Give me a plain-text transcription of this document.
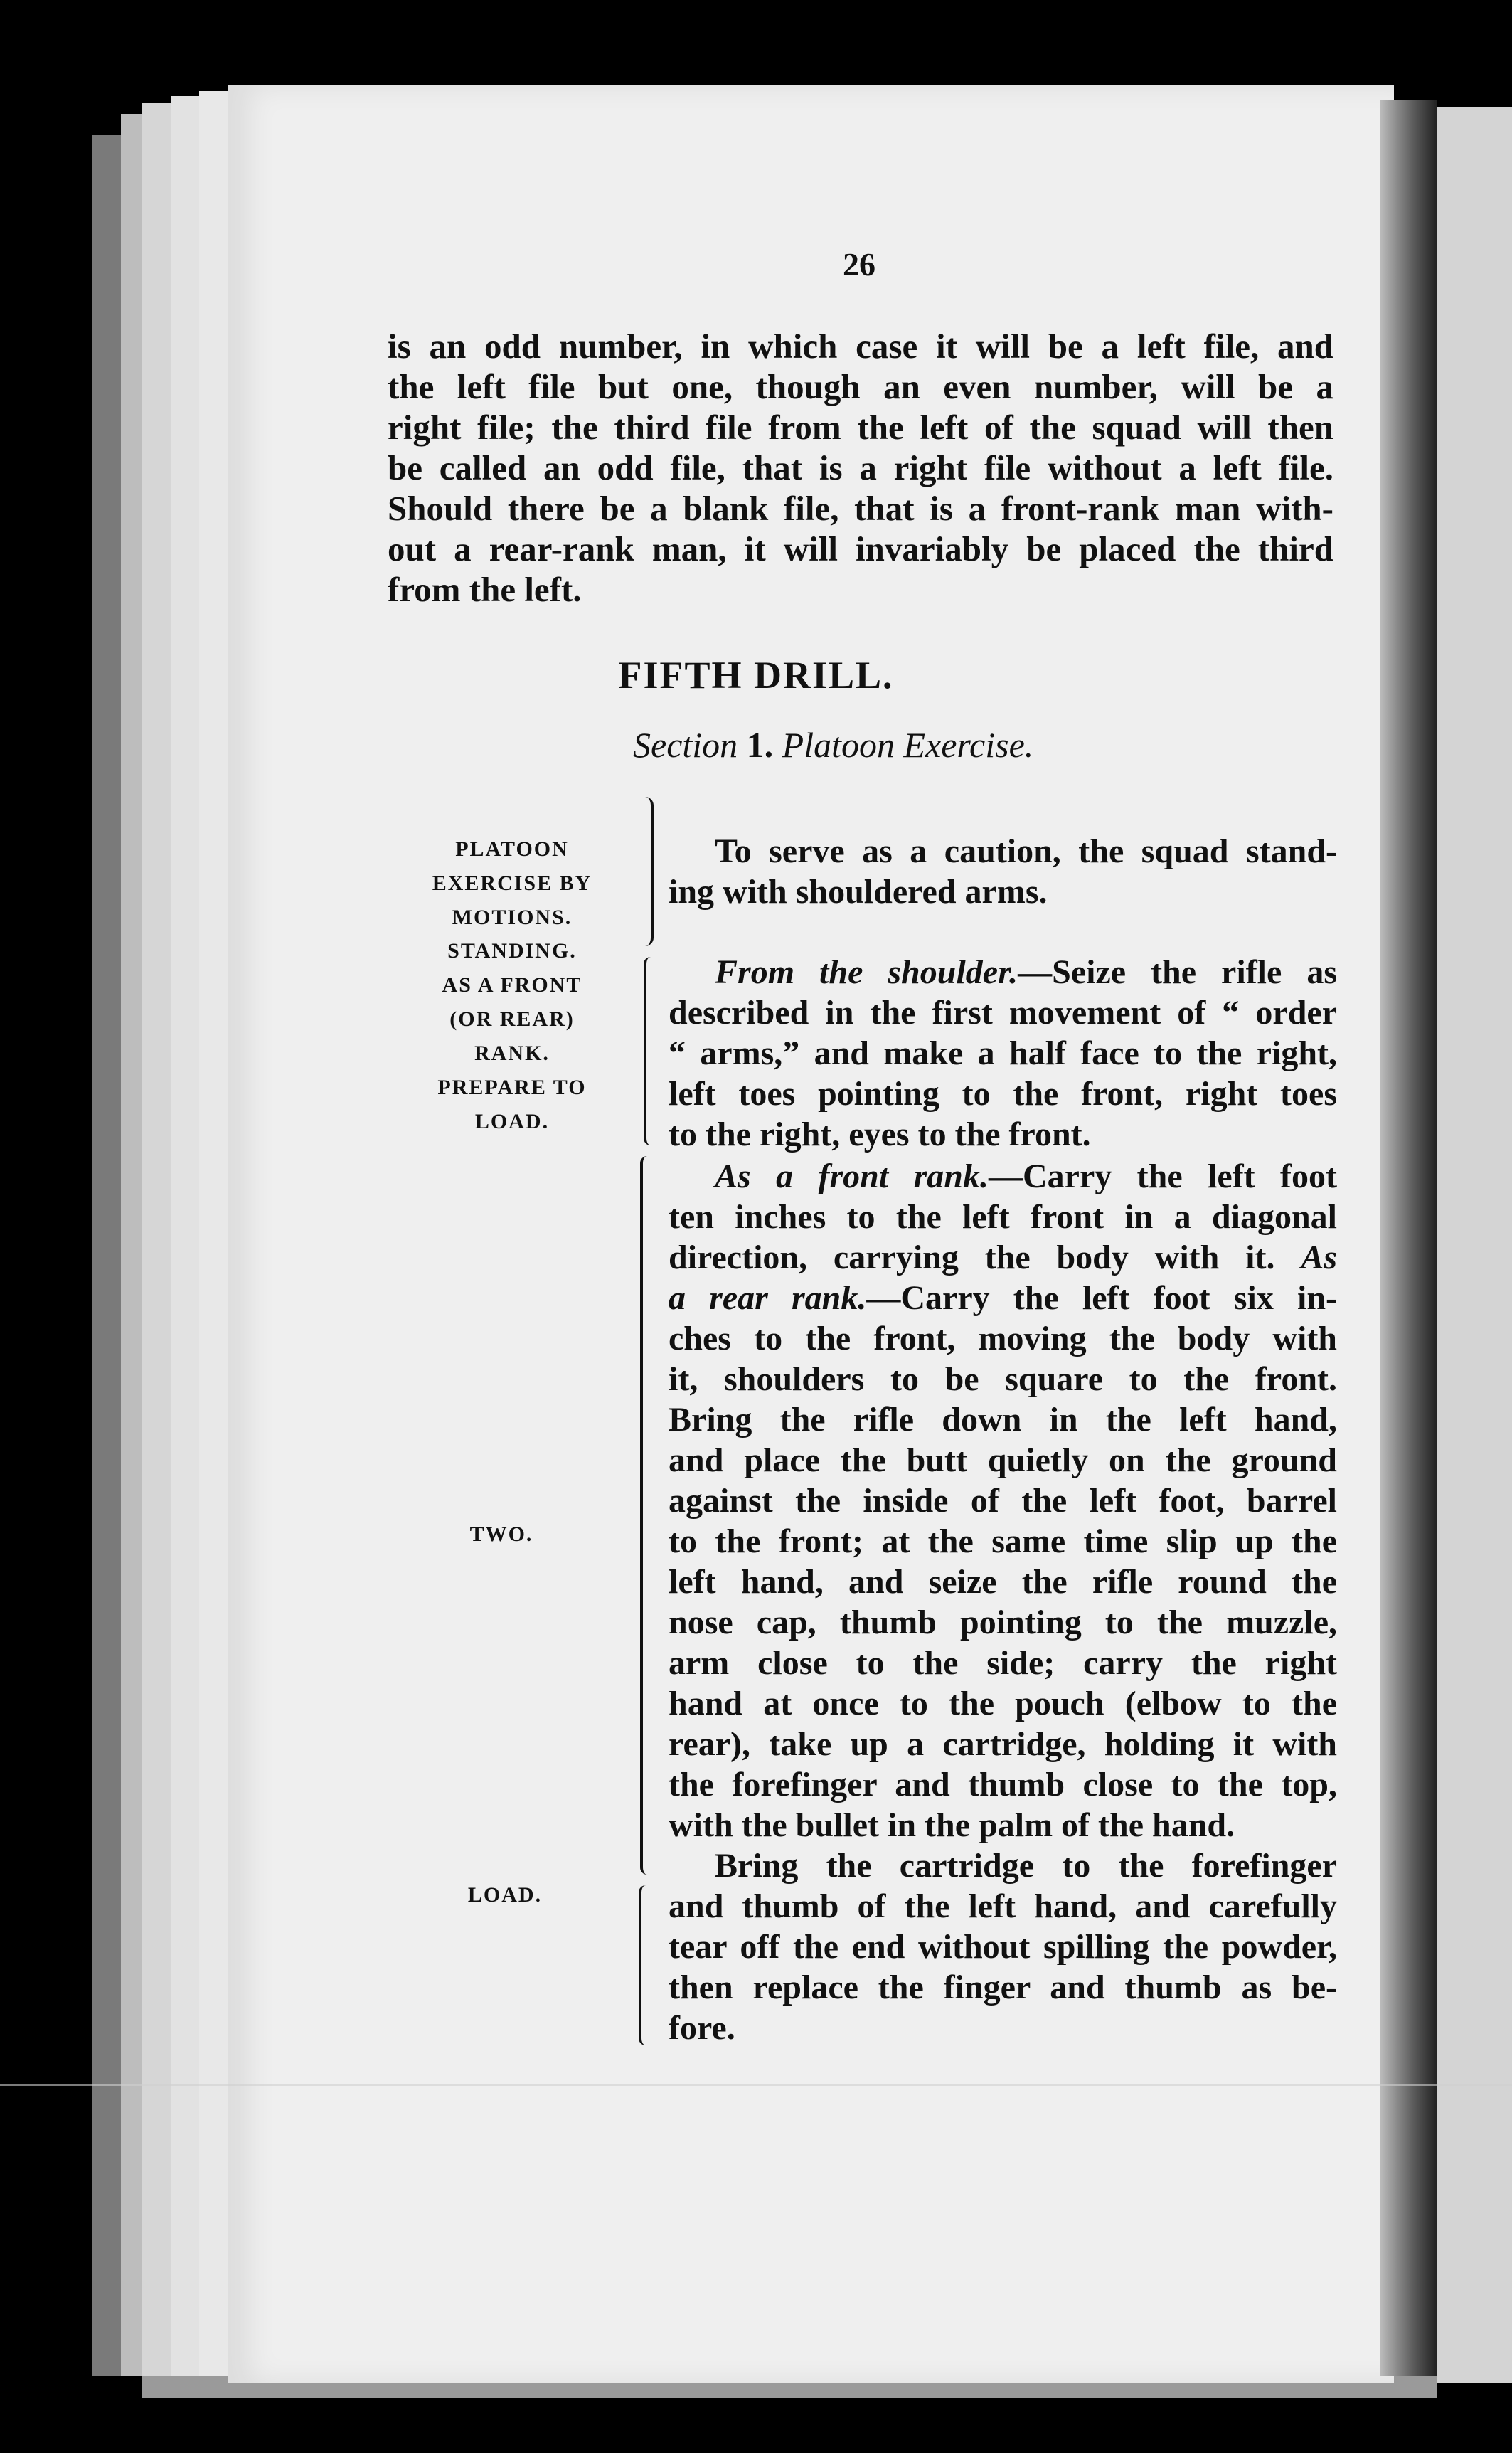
26
is an odd number, in which case it will be a left file, and
the left file but one, though an even number, will be a
right file; the third file from the left of the squad will then
be called an odd file, that is a right file without a left file.
Should there be a blank file, that is a front-rank man with-
out a rear-rank man, it will invariably be placed the third
from the left.
FIFTH DRILL.
Section 1. Platoon Exercise.
PLATOON
EXERCISE BY
MOTIONS.
STANDING.
AS A FRONT
(OR REAR)
RANK.
PREPARE TO
LOAD.
TWO.
LOAD.
To serve as a caution, the squad stand-
ing with shouldered arms.
From the shoulder.—Seize the rifle as
described in the first movement of “ order
“ arms,” and make a half face to the right,
left toes pointing to the front, right toes
to the right, eyes to the front.
As a front rank.—Carry the left foot
ten inches to the left front in a diagonal
direction, carrying the body with it. As
a rear rank.—Carry the left foot six in-
ches to the front, moving the body with
it, shoulders to be square to the front.
Bring the rifle down in the left hand,
and place the butt quietly on the ground
against the inside of the left foot, barrel
to the front; at the same time slip up the
left hand, and seize the rifle round the
nose cap, thumb pointing to the muzzle,
arm close to the side; carry the right
hand at once to the pouch (elbow to the
rear), take up a cartridge, holding it with
the forefinger and thumb close to the top,
with the bullet in the palm of the hand.
Bring the cartridge to the forefinger
and thumb of the left hand, and carefully
tear off the end without spilling the powder,
then replace the finger and thumb as be-
fore.
